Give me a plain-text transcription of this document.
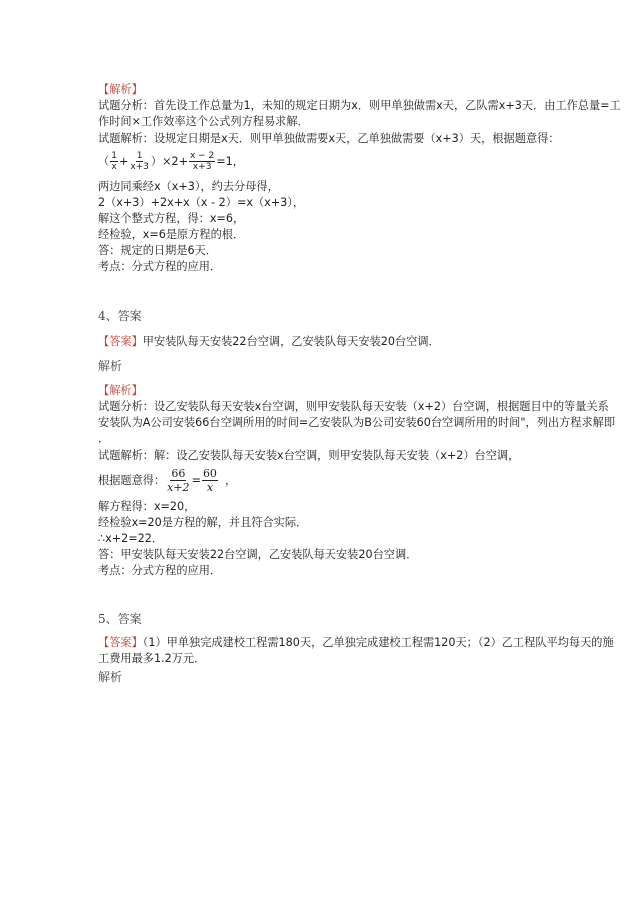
【解析】
试题分析：首先设工作总量为1，未知的规定日期为x．则甲单独做需x天，乙队需x+3天．由工作总量=工
作时间×工作效率这个公式列方程易求解．
试题解析：设规定日期是x天．则甲单独做需要x天，乙单独做需要（x+3）天，根据题意得：
（ $\frac{1}{x} + \frac{1}{x+3} )\times 2+ \frac{x - 2}{x+3} =1$，
两边同乘经x（x+3），约去分母得，
2（x+3）+2x+x（x - 2）=x（x+3），
解这个整式方程，得：x=6，
经检验，x=6是原方程的根．
答：规定的日期是6天．
考点：分式方程的应用．
4、答案
【答案】甲安装队每天安装22台空调，乙安装队每天安装20台空调．
解析
【解析】
试题分析：设乙安装队每天安装x台空调，则甲安装队每天安装（x+2）台空调，根据题目中的等量关系
安装队为A公司安装66台空调所用的时间=乙安装队为B公司安装60台空调所用的时间"，列出方程求解即
．
试题解析：解：设乙安装队每天安装x台空调，则甲安装队每天安装（x+2）台空调，
根据题意得： $\frac{66}{x+2} = \frac{60}{x}$ ，
解方程得：x=20，
经检验x=20是方程的解，并且符合实际．
∴x+2=22．
答：甲安装队每天安装22台空调，乙安装队每天安装20台空调．
考点：分式方程的应用．
5、答案
【答案】（1）甲单独完成建校工程需180天，乙单独完成建校工程需120天；（2）乙工程队平均每天的施
工费用最多1.2万元．
解析
